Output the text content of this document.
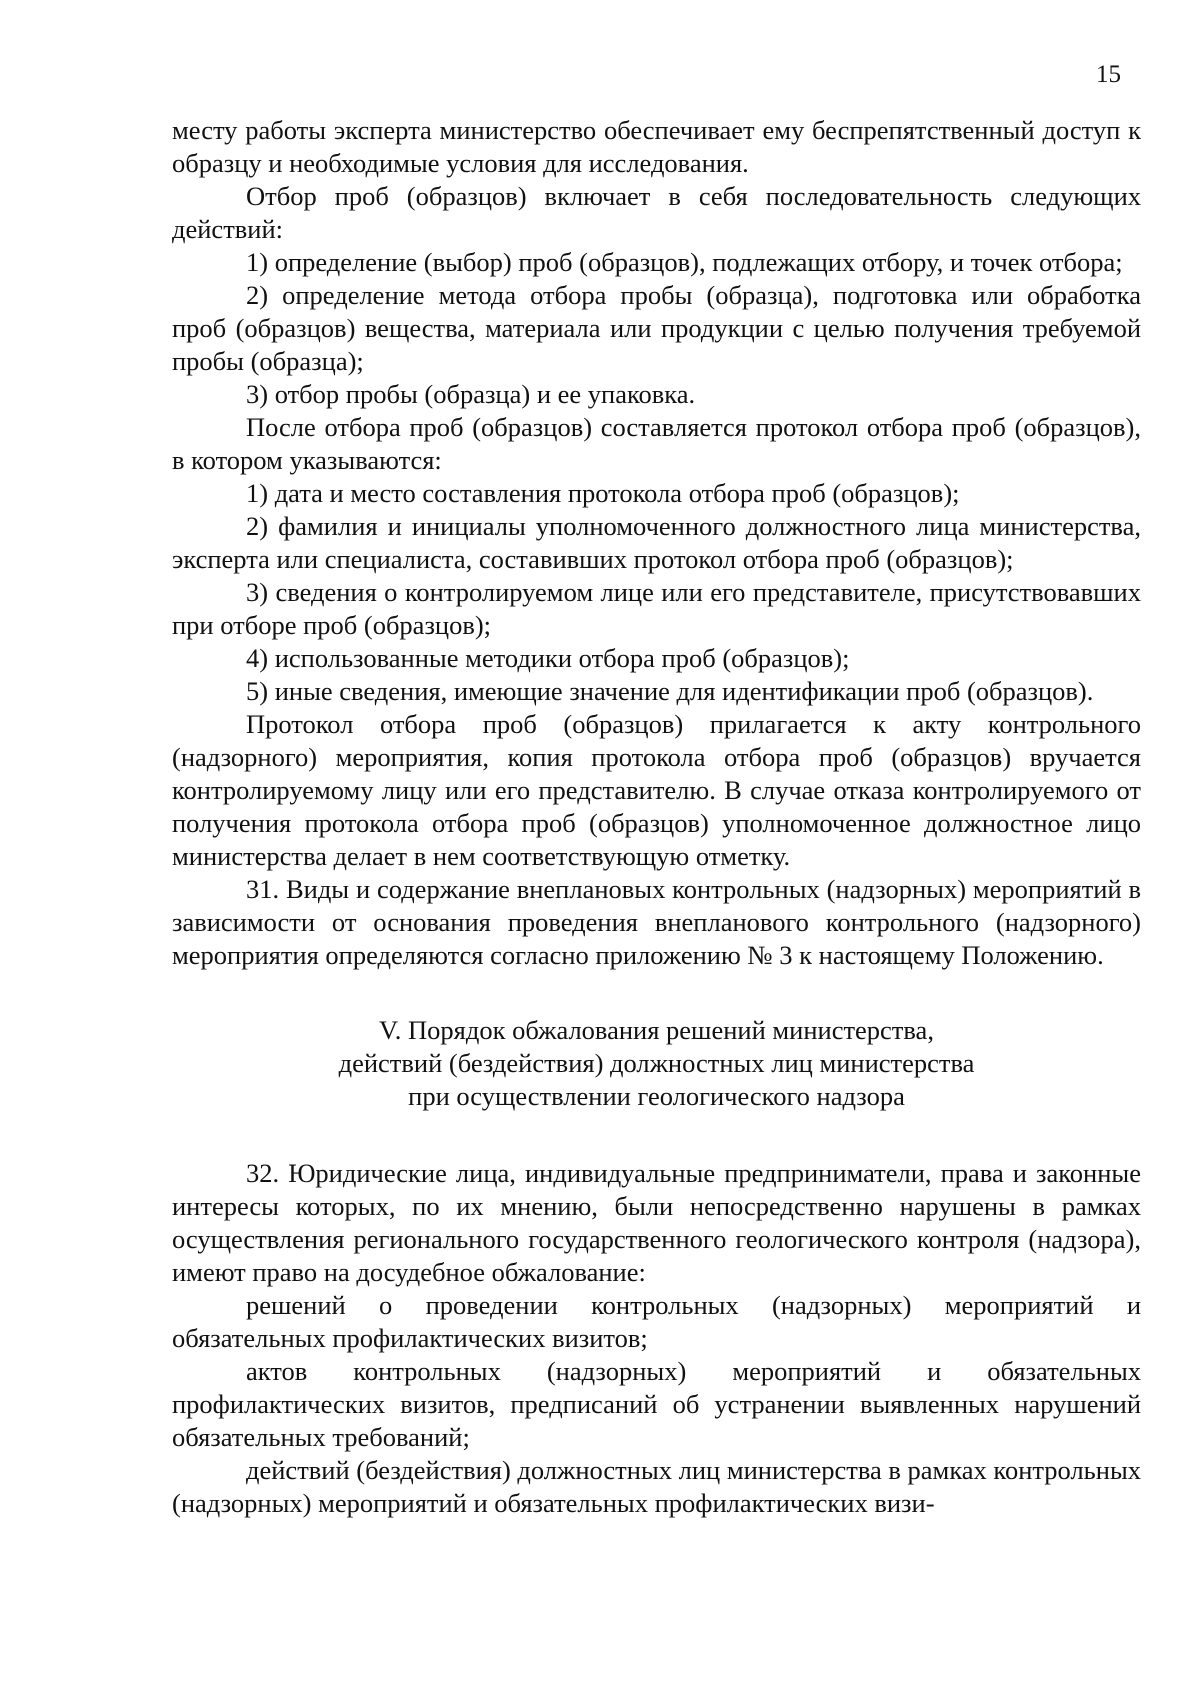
15

месту работы эксперта министерство обеспечивает ему беспрепятственный доступ к образцу и необходимые условия для исследования.

Отбор проб (образцов) включает в себя последовательность следующих действий:

1) определение (выбор) проб (образцов), подлежащих отбору, и точек отбора;

2) определение метода отбора пробы (образца), подготовка или обработка проб (образцов) вещества, материала или продукции с целью получения требуемой пробы (образца);

3) отбор пробы (образца) и ее упаковка.

После отбора проб (образцов) составляется протокол отбора проб (образцов), в котором указываются:

1) дата и место составления протокола отбора проб (образцов);

2) фамилия и инициалы уполномоченного должностного лица министерства, эксперта или специалиста, составивших протокол отбора проб (образцов);

3) сведения о контролируемом лице или его представителе, присутствовавших при отборе проб (образцов);

4) использованные методики отбора проб (образцов);

5) иные сведения, имеющие значение для идентификации проб (образцов).

Протокол отбора проб (образцов) прилагается к акту контрольного (надзорного) мероприятия, копия протокола отбора проб (образцов) вручается контролируемому лицу или его представителю. В случае отказа контролируемого от получения протокола отбора проб (образцов) уполномоченное должностное лицо министерства делает в нем соответствующую отметку.

31. Виды и содержание внеплановых контрольных (надзорных) мероприятий в зависимости от основания проведения внепланового контрольного (надзорного) мероприятия определяются согласно приложению № 3 к настоящему Положению.

V. Порядок обжалования решений министерства,
действий (бездействия) должностных лиц министерства
при осуществлении геологического надзора

32. Юридические лица, индивидуальные предприниматели, права и законные интересы которых, по их мнению, были непосредственно нарушены в рамках осуществления регионального государственного геологического контроля (надзора), имеют право на досудебное обжалование:

решений о проведении контрольных (надзорных) мероприятий и обязательных профилактических визитов;

актов контрольных (надзорных) мероприятий и обязательных профилактических визитов, предписаний об устранении выявленных нарушений обязательных требований;

действий (бездействия) должностных лиц министерства в рамках контрольных (надзорных) мероприятий и обязательных профилактических визи-
